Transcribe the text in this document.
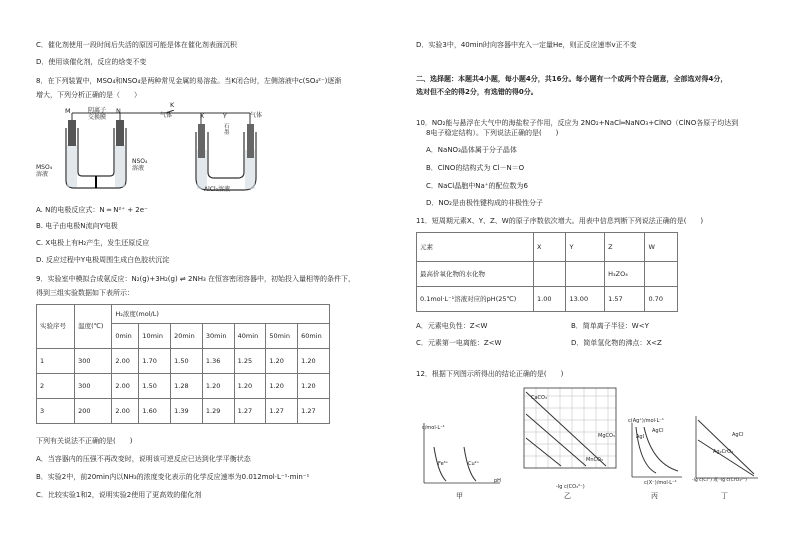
C．催化剂使用一段时间后失活的原因可能是体在催化剂表面沉积
D．使用该催化剂，反应的焓变不变
8．在下列装置中，MSO₄和NSO₄是两种常见金属的易溶盐。当K闭合时，左侧溶液中c(SO₄²⁻)逐渐
增大，下列分析正确的是（　　）
M	阴离子
交换膜
N
K
气体	X	Y
石
墨
气体
MSO₄
溶液
NSO₄
溶液
AlCl₃溶液
A. N的电极反应式：N ═ N²⁺ + 2e⁻
B. 电子由电极N流向Y电极
C. X电极上有H₂产生，发生还原反应
D. 反应过程中Y电极周围生成白色胶状沉淀
9．实验室中模拟合成氨反应：N₂(g)+3H₂(g) ⇌ 2NH₃ 在恒容密闭容器中，初始投入量相等的条件下，
得到三组实验数据如下表所示：
实验序号	温度(℃)	H₂浓度(mol/L)						
		0min	10min	20min	30min	40min	50min	60min
1	300	2.00	1.70	1.50	1.36	1.25	1.20	1.20
2	300	2.00	1.50	1.28	1.20	1.20	1.20	1.20
3	200	2.00	1.60	1.39	1.29	1.27	1.27	1.27
下列有关说法不正确的是(　　)
A．当容器内的压强不再改变时，说明该可逆反应已达到化学平衡状态
B．实验2中，前20min内以NH₃的浓度变化表示的化学反应速率为0.012mol·L⁻¹·min⁻¹
C．比较实验1和2，说明实验2使用了更高效的催化剂
D．实验3中，40min时向容器中充入一定量He，则正反应速率v正不变
二、选择题：本题共4小题，每小题4分，共16分。每小题有一个或两个符合题意，全部选对得4分，
选对但不全的得2分，有选错的得0分。
10．NO₂能与悬浮在大气中的海盐粒子作用，反应为 2NO₂+NaCl═NaNO₃+ClNO（ClNO各原子均达到
8电子稳定结构）。下列说法正确的是(　　)
A．NaNO₃晶体属于分子晶体
B．ClNO的结构式为 Cl－N＝O
C．NaCl晶胞中Na⁺的配位数为6
D．NO₂是由极性键构成的非极性分子
11．短周期元素X、Y、Z、W的原子序数依次增大。用表中信息判断下列说法正确的是(　　)
元素	X	Y	Z	W
最高价氧化物的水化物			H₃ZO₄	
0.1mol·L⁻¹溶液对应的pH(25℃)	1.00	13.00	1.57	0.70
A．元素电负性：Z<W	B．简单离子半径：W<Y
C．元素第一电离能：Z<W	D．简单氢化物的沸点：X<Z
12．根据下列图示所得出的结论正确的是(　　)
c/mol·L⁻¹
Fe³⁺	Cu²⁺
pH
甲
CaCO₃
MgCO₃
MnCO₃
-lg c(CO₃²⁻)
乙
c(Ag⁺)/mol·L⁻¹
AgI
AgCl
c(X⁻)/mol·L⁻¹
丙
AgCl
Ag₂CrO₄
-lg c(Cl⁻) 或 -lg c(CrO₄²⁻)
丁
